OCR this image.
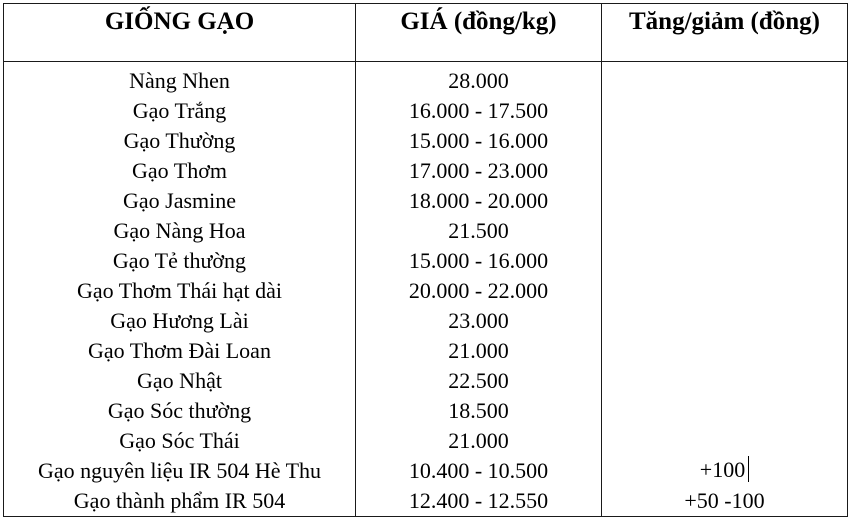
GIỐNG GẠO	GIÁ (đồng/kg)	Tăng/giảm (đồng)
Nàng Nhen	28.000	
Gạo Trắng	16.000 - 17.500	
Gạo Thường	15.000 - 16.000	
Gạo Thơm	17.000 - 23.000	
Gạo Jasmine	18.000 - 20.000	
Gạo Nàng Hoa	21.500	
Gạo Tẻ thường	15.000 - 16.000	
Gạo Thơm Thái hạt dài	20.000 - 22.000	
Gạo Hương Lài	23.000	
Gạo Thơm Đài Loan	21.000	
Gạo Nhật	22.500	
Gạo Sóc thường	18.500	
Gạo Sóc Thái	21.000	
Gạo nguyên liệu IR 504 Hè Thu	10.400 - 10.500	+100
Gạo thành phẩm IR 504	12.400 - 12.550	+50 -100
